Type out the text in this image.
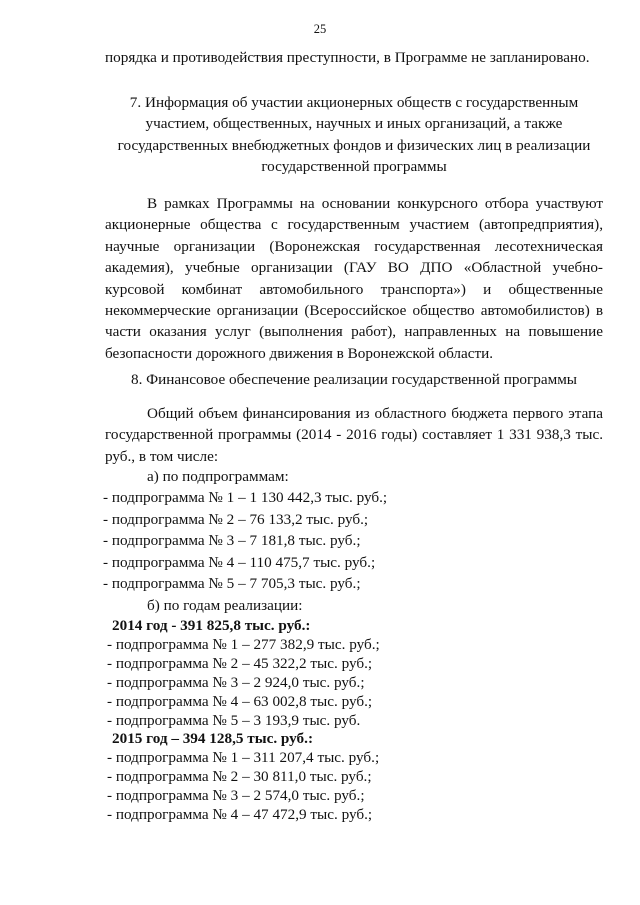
25
порядка и противодействия преступности, в Программе не запланировано.
7. Информация об участии акционерных обществ с государственным
участием, общественных, научных и иных организаций, а также
государственных внебюджетных фондов и физических лиц в реализации
государственной программы
В рамках Программы на основании конкурсного отбора участвуют акционерные общества с государственным участием (автопредприятия), научные организации (Воронежская государственная лесотехническая академия), учебные организации (ГАУ ВО ДПО «Областной учебно-курсовой комбинат автомобильного транспорта») и общественные некоммерческие организации (Всероссийское общество автомобилистов) в части оказания услуг (выполнения работ), направленных на повышение безопасности дорожного движения в Воронежской области.
8. Финансовое обеспечение реализации государственной программы
Общий объем финансирования из областного бюджета первого этапа государственной программы (2014 - 2016 годы) составляет 1 331 938,3 тыс. руб., в том числе:
а) по подпрограммам:
- подпрограмма № 1 – 1 130 442,3 тыс. руб.;
- подпрограмма № 2 – 76 133,2 тыс. руб.;
- подпрограмма № 3 – 7 181,8 тыс. руб.;
- подпрограмма № 4 – 110 475,7 тыс. руб.;
- подпрограмма № 5 – 7 705,3 тыс. руб.;
б) по годам реализации:
2014 год - 391 825,8 тыс. руб.:
- подпрограмма № 1 – 277 382,9 тыс. руб.;
- подпрограмма № 2 – 45 322,2 тыс. руб.;
- подпрограмма № 3 – 2 924,0 тыс. руб.;
- подпрограмма № 4 – 63 002,8 тыс. руб.;
- подпрограмма № 5 – 3 193,9 тыс. руб.
2015 год – 394 128,5 тыс. руб.:
- подпрограмма № 1 – 311 207,4 тыс. руб.;
- подпрограмма № 2 – 30 811,0 тыс. руб.;
- подпрограмма № 3 – 2 574,0 тыс. руб.;
- подпрограмма № 4 – 47 472,9 тыс. руб.;
